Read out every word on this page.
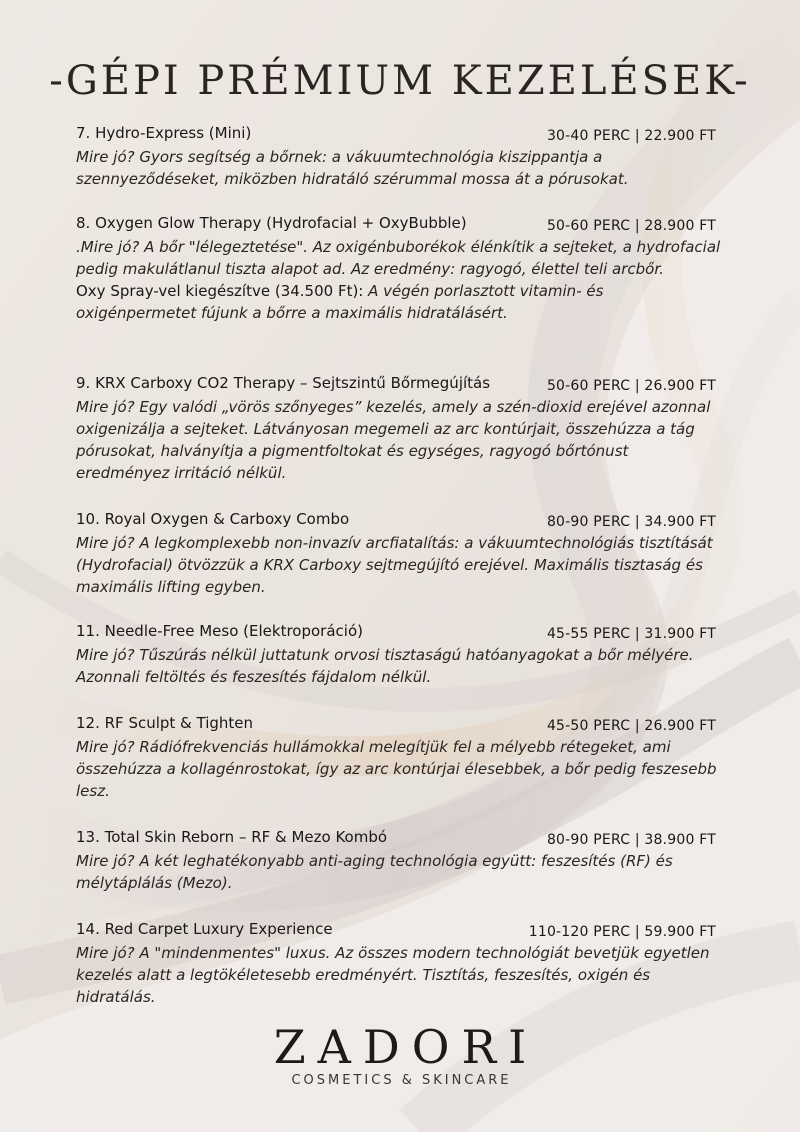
-GÉPI PRÉMIUM KEZELÉSEK-
7. Hydro-Express (Mini)	30-40 PERC | 22.900 FT

Mire jó? Gyors segítség a bőrnek: a vákuumtechnológia kiszippantja a szennyeződéseket, miközben hidratáló szérummal mossa át a pórusokat.

8. Oxygen Glow Therapy (Hydrofacial + OxyBubble)	50-60 PERC | 28.900 FT

.Mire jó? A bőr "lélegeztetése". Az oxigénbuborékok élénkítik a sejteket, a hydrofacial pedig makulátlanul tiszta alapot ad. Az eredmény: ragyogó, élettel teli arcbőr.

Oxy Spray-vel kiegészítve (34.500 Ft): A végén porlasztott vitamin- és oxigénpermetet fújunk a bőrre a maximális hidratálásért.

9. KRX Carboxy CO2 Therapy – Sejtszintű Bőrmegújítás	50-60 PERC | 26.900 FT

Mire jó? Egy valódi „vörös szőnyeges” kezelés, amely a szén-dioxid erejével azonnal oxigenizálja a sejteket. Látványosan megemeli az arc kontúrjait, összehúzza a tág pórusokat, halványítja a pigmentfoltokat és egységes, ragyogó bőrtónust eredményez irritáció nélkül.

10. Royal Oxygen & Carboxy Combo	80-90 PERC | 34.900 FT

Mire jó? A legkomplexebb non-invazív arcfiatalítás: a vákuumtechnológiás tisztítását (Hydrofacial) ötvözzük a KRX Carboxy sejtmegújító erejével. Maximális tisztaság és maximális lifting egyben.

11. Needle-Free Meso (Elektroporáció)	45-55 PERC | 31.900 FT

Mire jó? Tűszúrás nélkül juttatunk orvosi tisztaságú hatóanyagokat a bőr mélyére. Azonnali feltöltés és feszesítés fájdalom nélkül.

12. RF Sculpt & Tighten	45-50 PERC | 26.900 FT

Mire jó? Rádiófrekvenciás hullámokkal melegítjük fel a mélyebb rétegeket, ami összehúzza a kollagénrostokat, így az arc kontúrjai élesebbek, a bőr pedig feszesebb lesz.

13. Total Skin Reborn – RF & Mezo Kombó	80-90 PERC | 38.900 FT

Mire jó? A két leghatékonyabb anti-aging technológia együtt: feszesítés (RF) és mélytáplálás (Mezo).

14. Red Carpet Luxury Experience	110-120 PERC | 59.900 FT

Mire jó? A "mindenmentes" luxus. Az összes modern technológiát bevetjük egyetlen kezelés alatt a legtökéletesebb eredményért. Tisztítás, feszesítés, oxigén és hidratálás.

ZADORI
COSMETICS & SKINCARE
